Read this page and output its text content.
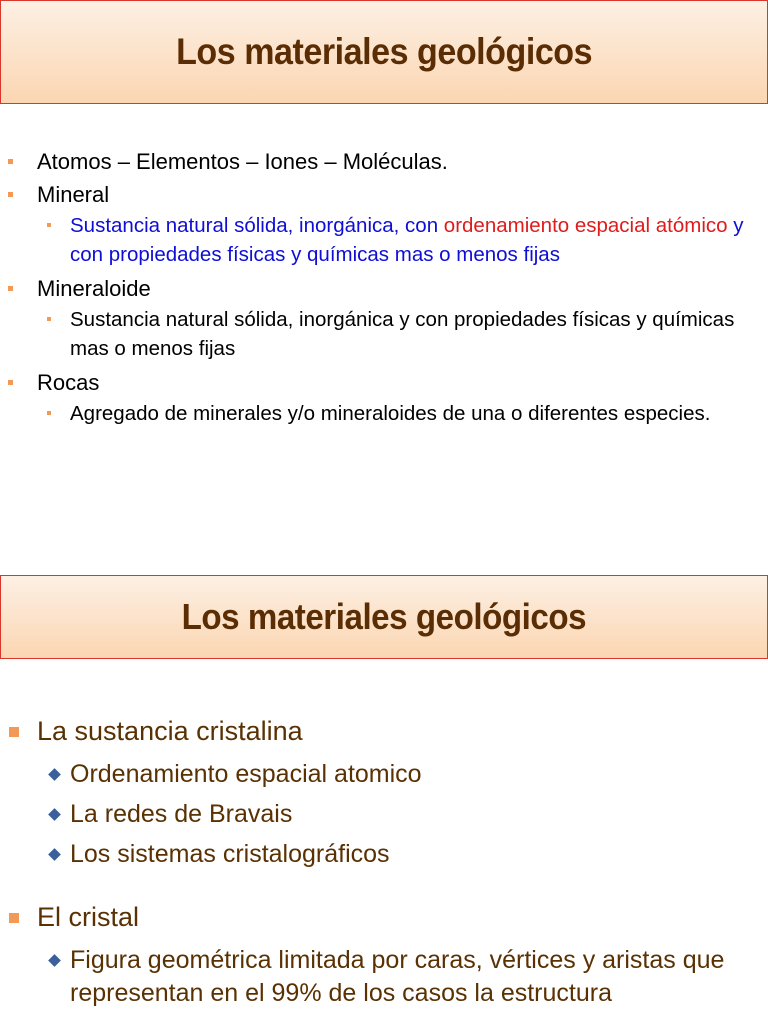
Los materiales geológicos
Atomos – Elementos – Iones – Moléculas.
Mineral
Sustancia natural sólida, inorgánica, con ordenamiento espacial atómico y con propiedades físicas y químicas mas o menos fijas
Mineraloide
Sustancia natural sólida, inorgánica y con propiedades físicas y químicas mas o menos fijas
Rocas
Agregado de minerales y/o mineraloides de una o diferentes especies.
Los materiales geológicos
La sustancia cristalina
Ordenamiento espacial atomico
La redes de Bravais
Los sistemas cristalográficos
El cristal
Figura geométrica limitada por caras, vértices y aristas que representan en el 99% de los casos la estructura
